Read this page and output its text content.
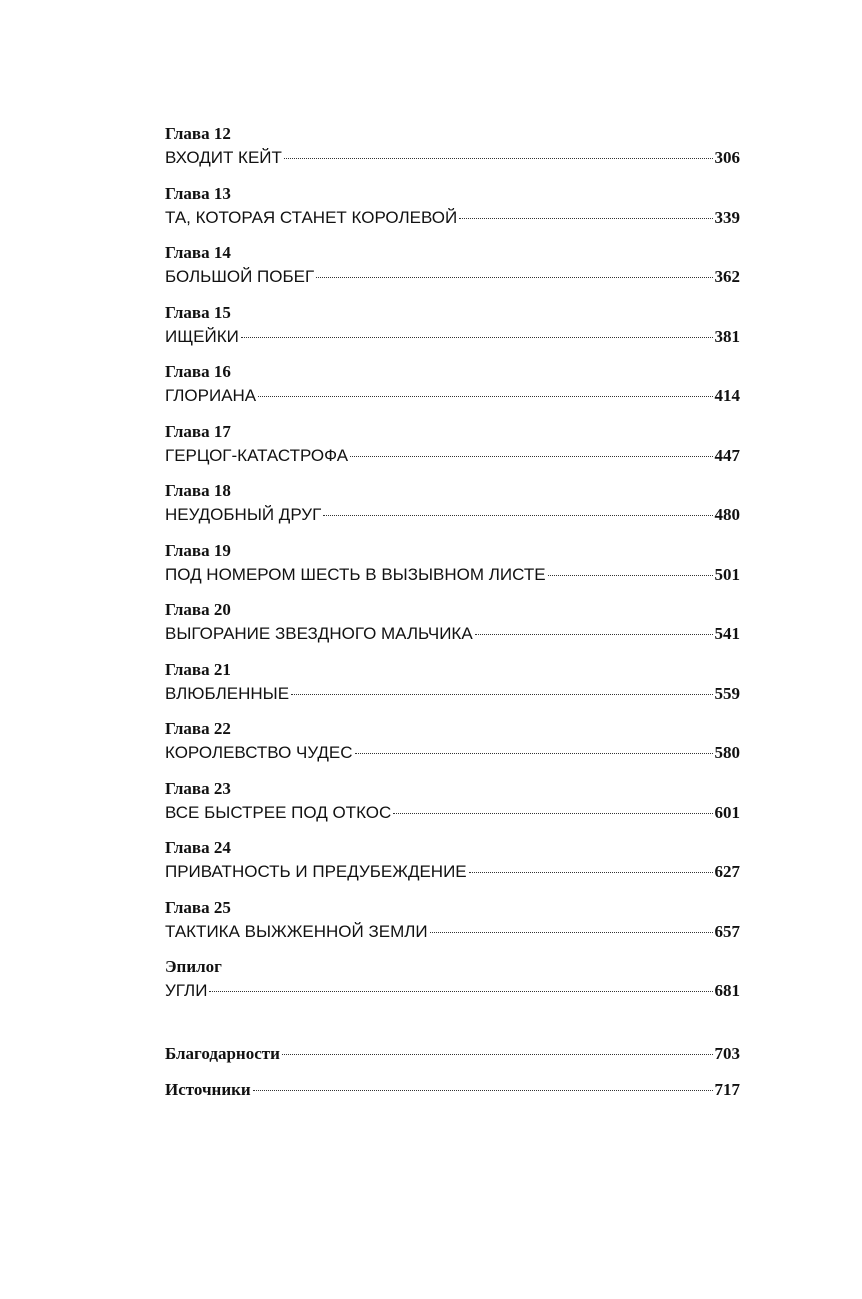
Глава 12
ВХОДИТ КЕЙТ	306
Глава 13
ТА, КОТОРАЯ СТАНЕТ КОРОЛЕВОЙ	339
Глава 14
БОЛЬШОЙ ПОБЕГ	362
Глава 15
ИЩЕЙКИ	381
Глава 16
ГЛОРИАНА	414
Глава 17
ГЕРЦОГ-КАТАСТРОФА	447
Глава 18
НЕУДОБНЫЙ ДРУГ	480
Глава 19
ПОД НОМЕРОМ ШЕСТЬ В ВЫЗЫВНОМ ЛИСТЕ	501
Глава 20
ВЫГОРАНИЕ ЗВЕЗДНОГО МАЛЬЧИКА	541
Глава 21
ВЛЮБЛЕННЫЕ	559
Глава 22
КОРОЛЕВСТВО ЧУДЕС	580
Глава 23
ВСЕ БЫСТРЕЕ ПОД ОТКОС	601
Глава 24
ПРИВАТНОСТЬ И ПРЕДУБЕЖДЕНИЕ	627
Глава 25
ТАКТИКА ВЫЖЖЕННОЙ ЗЕМЛИ	657
Эпилог
УГЛИ	681
Благодарности	703
Источники	717
